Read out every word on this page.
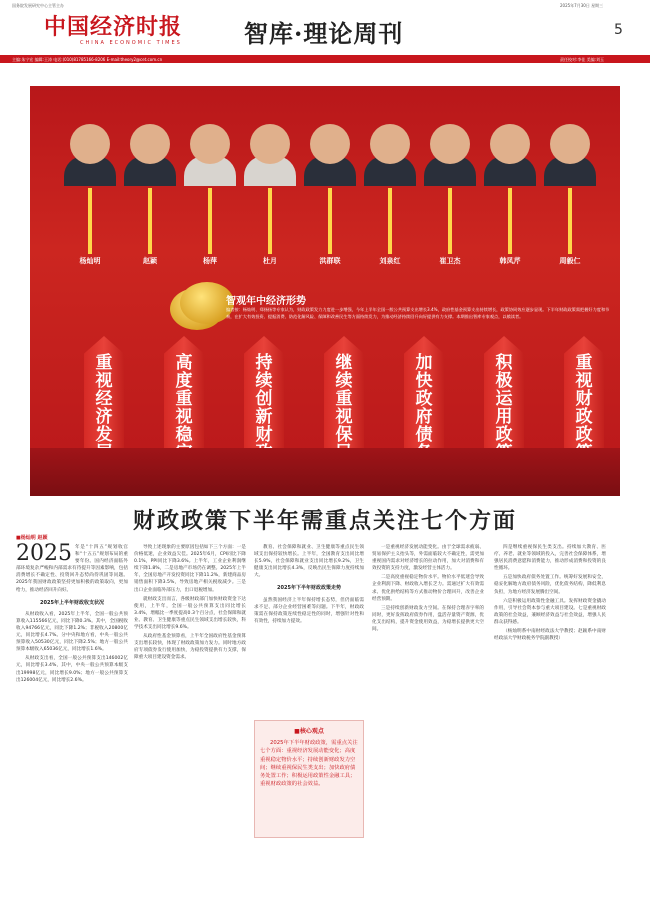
国务院发展研究中心主管主办
中国经济时报
CHINA ECONOMIC TIMES	智库·理论周刊
2025年7月30日 星期三
5
主编:朱宁宏 编辑:王涛 电话:(010)81785166-8206 E-mail:theory2@cet.com.cn	责任校对:李佳 美编:刘玉
杨灿明	赵颖	杨萍	杜月	洪群联	刘泉红	崔卫杰	韩凤芹	周毅仁
智观年中经济形势
编者按：杨灿明、郑扬扬等专家认为，财政政策发力力度进一步增强，今年上半年全国一般公共预算支出增长3.4%，政府性基金预算支出持续增长，政策协同效应逐步显现。下半年财政政策需把握好力度和节奏，在扩大有效投资、提振消费、防范化解风险、保障和改善民生等方面持续发力，为推动经济持续回升向好提供有力支撑。本期推出智库专家观点，以飨读者。
重视经济发
高度重视稳
持续创新财
继续重视保
加快政府债
积极运用政
重视财政政
财政政策下半年需重点关注七个方面
■杨灿明 赵颖

2025 年是“十四五”规划收官和“十五五”规划布局的重要年份。国内经济面临外部环境复杂严峻和内部需求有待提升等因素影响，包括消费增长不确定性、投资回升态势尚待巩固等问题。2025年我国财政政策坚持更加积极的政策取向，更加给力，推动经济回升向好。

2025年上半年财政收支状况

从财政收入看，2025年上半年，全国一般公共预算收入115566亿元，同比下降0.3%。其中，全国税收收入94766亿元，同比下降1.2%；非税收入20800亿元，同比增长4.7%。分中央和地方看，中央一般公共预算收入50530亿元，同比下降2.5%；地方一般公共预算本级收入65036亿元，同比增长1.6%。

从财政支出看，全国一般公共预算支出146002亿元，同比增长3.4%，其中，中央一般公共预算本级支出19998亿元，同比增长9.0%；地方一般公共预算支出126004亿元，同比增长2.6%。

导致上述现象的主要原因包括如下三个方面：一是价格低迷，企业效益欠佳。2025年6月，CPI同比下降0.1%，PPI同比下降3.6%。上半年，工业企业利润继续下降1.8%，二是房地产市场仍在调整。2025年上半年，全国房地产开发投资同比下降11.2%，新建商品房销售面积下降3.5%，导致房地产相关税收减少。三是出口企业面临外部压力，出口退税增加。

就财政支出而言，各级财政部门加快财政资金下达使用，上半年，全国一般公共预算支出同比增长3.4%，增幅比一季度提高0.3个百分点，社会保障和就业、教育、卫生健康等重点民生领域支出增长较快，科学技术支出同比增长9.6%。

从政府性基金预算看，上半年全国政府性基金预算支出增长较快，体现了财政政策加力发力。同时地方政府专项债券发行使用加快，为稳投资提供有力支撑，保障重大项目建设资金需求。

教育、社会保障和就业、卫生健康等重点民生领域支出保持较快增长。上半年，全国教育支出同比增长5.9%，社会保障和就业支出同比增长9.2%，卫生健康支出同比增长4.3%，反映出民生保障力度持续加大。

2025年下半年财政政策走势

虽然我国经济上半年保持增长态势，但仍面临需求不足、部分企业经营困难等问题。下半年，财政政策需在保持政策连续性稳定性的同时，增强针对性和有效性，持续加力提效。

■核心观点

2025年下半年财政政策，需重点关注七个方面：重视经济发展动能变化；高度重视稳定物价水平；持续创新财政发力空间；继续重视保民生类支出；加快政府债务处置工作；积极运用政策性金融工具；重视财政政策的社会效益。

一是重视经济发展动能变化。由于全球需求疲弱、贸易保护主义抬头等，外需面临较大不确定性，需更加重视国内需求对经济增长的拉动作用，加大对消费和有效投资的支持力度，激发经营主体活力。

二是高度重视稳定物价水平。物价水平低迷会导致企业利润下降、财政收入增长乏力。需通过扩大有效需求、优化供给结构等方式推动物价合理回升，改善企业经营预期。

三是持续创新财政发力空间。在保持合理赤字率的同时，更好发挥政府债券作用，盘活存量资产资源，优化支出结构，提升资金使用效益，为稳增长提供更大空间。

四是继续重视保民生类支出。持续加大教育、医疗、养老、就业等领域的投入，完善社会保障体系，增强居民消费意愿和消费能力，推动形成消费和投资的良性循环。

五是加快政府债务处置工作。统筹好发展和安全，稳妥化解地方政府债务风险，优化债务结构，降低利息负担，为地方经济发展腾出空间。

六是积极运用政策性金融工具。发挥财政资金撬动作用，引导社会资本参与重大项目建设。七是重视财政政策的社会效益，兼顾经济效益与社会效益，增强人民群众获得感。

（杨灿明系中南财经政法大学教授；赵颖系中南财经政法大学财政税务学院副教授）
